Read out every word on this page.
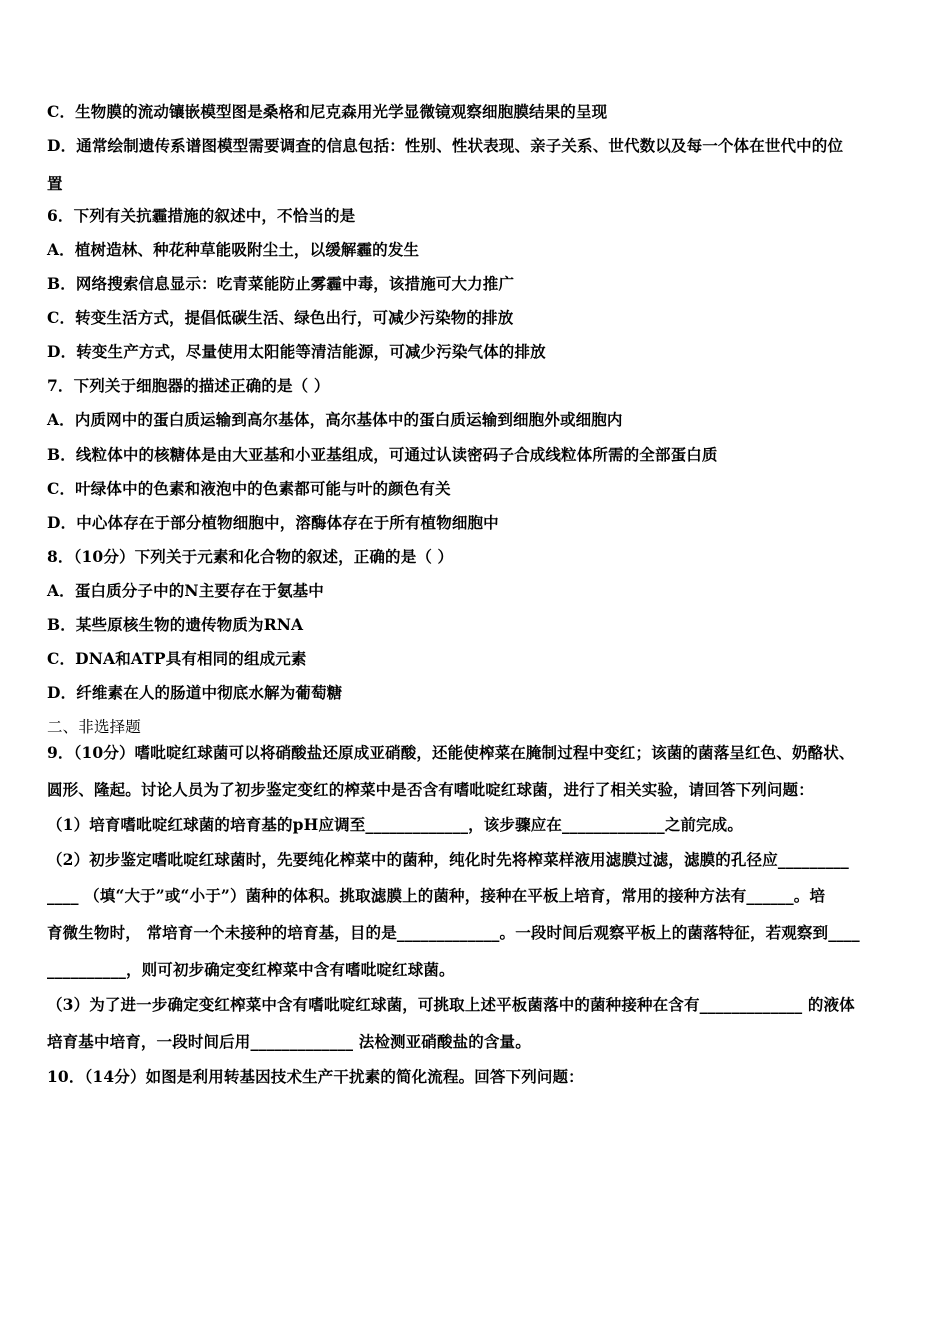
C．生物膜的流动镶嵌模型图是桑格和尼克森用光学显微镜观察细胞膜结果的呈现
D．通常绘制遗传系谱图模型需要调查的信息包括：性别、性状表现、亲子关系、世代数以及每一个体在世代中的位
置
6．下列有关抗霾措施的叙述中，不恰当的是
A．植树造林、种花种草能吸附尘土，以缓解霾的发生
B．网络搜索信息显示：吃青菜能防止雾霾中毒，该措施可大力推广
C．转变生活方式，提倡低碳生活、绿色出行，可减少污染物的排放
D．转变生产方式，尽量使用太阳能等清洁能源，可减少污染气体的排放
7．下列关于细胞器的描述正确的是（ ）
A．内质网中的蛋白质运输到高尔基体，高尔基体中的蛋白质运输到细胞外或细胞内
B．线粒体中的核糖体是由大亚基和小亚基组成，可通过认读密码子合成线粒体所需的全部蛋白质
C．叶绿体中的色素和液泡中的色素都可能与叶的颜色有关
D．中心体存在于部分植物细胞中，溶酶体存在于所有植物细胞中
8．（10分）下列关于元素和化合物的叙述，正确的是（ ）
A．蛋白质分子中的N主要存在于氨基中
B．某些原核生物的遗传物质为RNA
C．DNA和ATP具有相同的组成元素
D．纤维素在人的肠道中彻底水解为葡萄糖
二、非选择题
9．（10分）嗜吡啶红球菌可以将硝酸盐还原成亚硝酸，还能使榨菜在腌制过程中变红；该菌的菌落呈红色、奶酪状、
圆形、隆起。讨论人员为了初步鉴定变红的榨菜中是否含有嗜吡啶红球菌，进行了相关实验，请回答下列问题：
（1）培育嗜吡啶红球菌的培育基的pH应调至_____________，该步骤应在_____________之前完成。
（2）初步鉴定嗜吡啶红球菌时，先要纯化榨菜中的菌种，纯化时先将榨菜样液用滤膜过滤，滤膜的孔径应_________
____ （填“大于”或“小于”）菌种的体积。挑取滤膜上的菌种，接种在平板上培育，常用的接种方法有______。培
育微生物时， 常培育一个未接种的培育基，目的是_____________。一段时间后观察平板上的菌落特征，若观察到____
__________，则可初步确定变红榨菜中含有嗜吡啶红球菌。
（3）为了进一步确定变红榨菜中含有嗜吡啶红球菌，可挑取上述平板菌落中的菌种接种在含有_____________ 的液体
培育基中培育，一段时间后用_____________ 法检测亚硝酸盐的含量。
10．（14分）如图是利用转基因技术生产干扰素的简化流程。回答下列问题：
